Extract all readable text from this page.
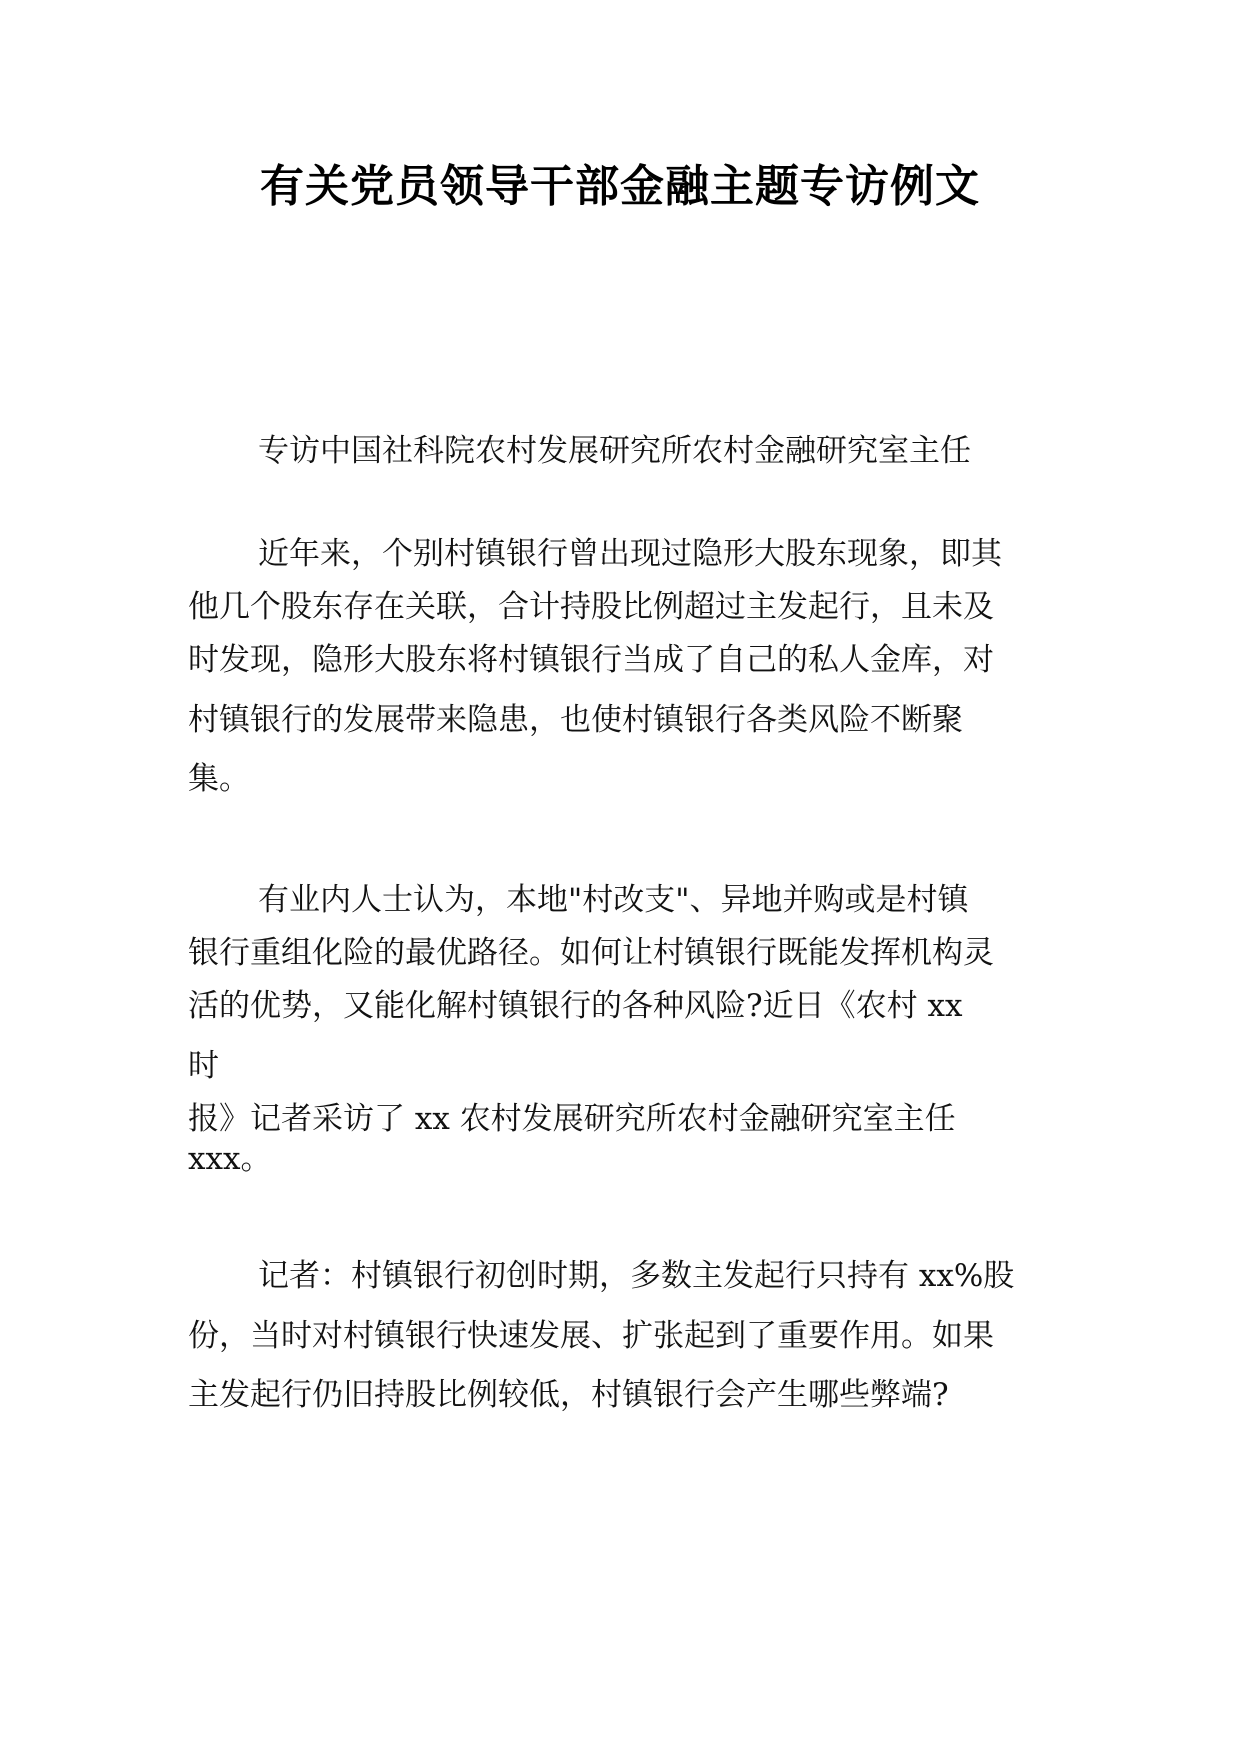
有关党员领导干部金融主题专访例文

专访中国社科院农村发展研究所农村金融研究室主任

近年来，个别村镇银行曾出现过隐形大股东现象，即其
他几个股东存在关联，合计持股比例超过主发起行，且未及
时发现，隐形大股东将村镇银行当成了自己的私人金库，对
村镇银行的发展带来隐患，也使村镇银行各类风险不断聚
集。
有业内人士认为，本地"村改支"、异地并购或是村镇
银行重组化险的最优路径。如何让村镇银行既能发挥机构灵
活的优势，又能化解村镇银行的各种风险?近日《农村 xx
时
报》记者采访了 xx 农村发展研究所农村金融研究室主任
xxx。
记者：村镇银行初创时期，多数主发起行只持有 xx%股
份，当时对村镇银行快速发展、扩张起到了重要作用。如果
主发起行仍旧持股比例较低，村镇银行会产生哪些弊端?
